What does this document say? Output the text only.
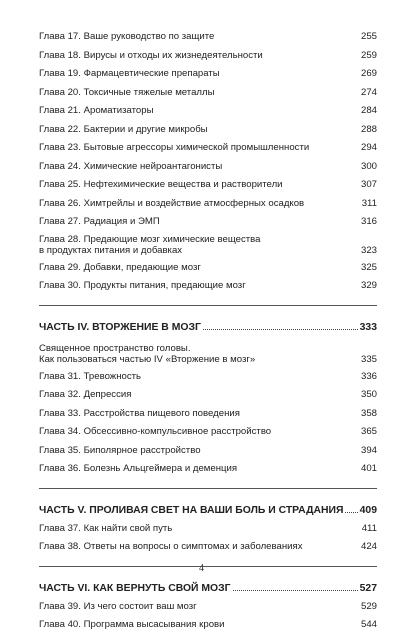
Глава 17. Ваше руководство по защите	255
Глава 18. Вирусы и отходы их жизнедеятельности	259
Глава 19. Фармацевтические препараты	269
Глава 20. Токсичные тяжелые металлы	274
Глава 21. Ароматизаторы	284
Глава 22. Бактерии и другие микробы	288
Глава 23. Бытовые агрессоры химической промышленности	294
Глава 24. Химические нейроантагонисты	300
Глава 25. Нефтехимические вещества и растворители	307
Глава 26. Химтрейлы и воздействие атмосферных осадков	311
Глава 27. Радиация и ЭМП	316
Глава 28. Предающие мозг химические вещества
в продуктах питания и добавках	323
Глава 29. Добавки, предающие мозг	325
Глава 30. Продукты питания, предающие мозг	329
ЧАСТЬ IV. ВТОРЖЕНИЕ В МОЗГ	333
Священное пространство головы.
Как пользоваться частью IV «Вторжение в мозг»	335
Глава 31. Тревожность	336
Глава 32. Депрессия	350
Глава 33. Расстройства пищевого поведения	358
Глава 34. Обсессивно-компульсивное расстройство	365
Глава 35. Биполярное расстройство	394
Глава 36. Болезнь Альцгеймера и деменция	401
ЧАСТЬ V. ПРОЛИВАЯ СВЕТ НА ВАШИ БОЛЬ И СТРАДАНИЯ 409
Глава 37. Как найти свой путь	411
Глава 38. Ответы на вопросы о симптомах и заболеваниях	424
ЧАСТЬ VI. КАК ВЕРНУТЬ СВОЙ МОЗГ	527
Глава 39. Из чего состоит ваш мозг	529
Глава 40. Программа высасывания крови	544
4
